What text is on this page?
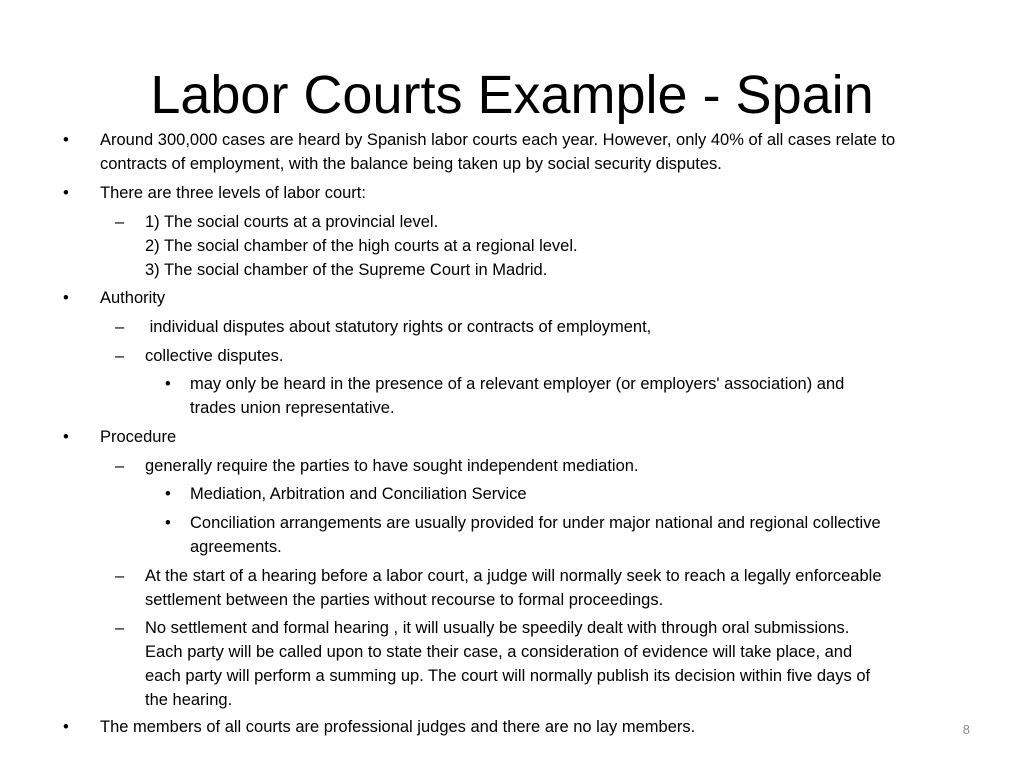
Labor Courts Example - Spain
• Around 300,000 cases are heard by Spanish labor courts each year. However, only 40% of all cases relate to
contracts of employment, with the balance being taken up by social security disputes.
• There are three levels of labor court:
– 1) The social courts at a provincial level.
2) The social chamber of the high courts at a regional level.
3) The social chamber of the Supreme Court in Madrid.
• Authority
– individual disputes about statutory rights or contracts of employment,
– collective disputes.
• may only be heard in the presence of a relevant employer (or employers' association) and
trades union representative.
• Procedure
– generally require the parties to have sought independent mediation.
• Mediation, Arbitration and Conciliation Service
• Conciliation arrangements are usually provided for under major national and regional collective
agreements.
– At the start of a hearing before a labor court, a judge will normally seek to reach a legally enforceable
settlement between the parties without recourse to formal proceedings.
– No settlement and formal hearing , it will usually be speedily dealt with through oral submissions.
Each party will be called upon to state their case, a consideration of evidence will take place, and
each party will perform a summing up. The court will normally publish its decision within five days of
the hearing.
• The members of all courts are professional judges and there are no lay members.	8
